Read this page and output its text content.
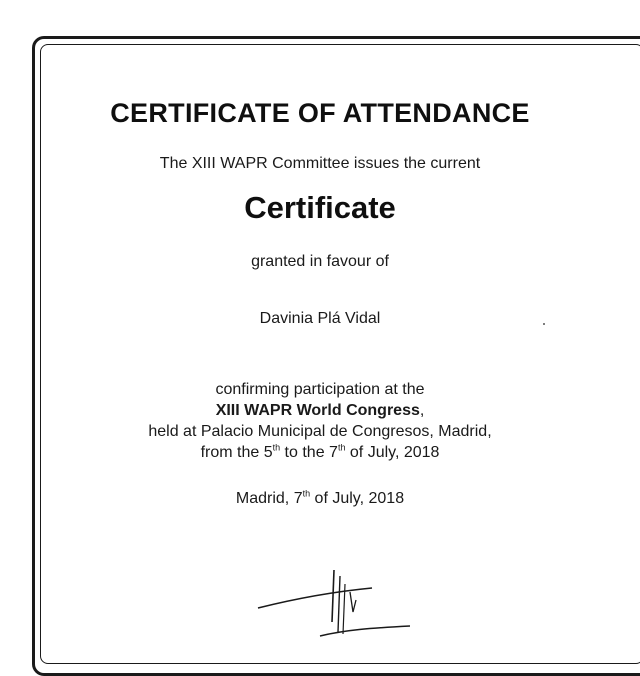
CERTIFICATE OF ATTENDANCE
The XIII WAPR Committee issues the current
Certificate
granted in favour of
Davinia Plá Vidal
confirming participation at the
XIII WAPR World Congress,
held at Palacio Municipal de Congresos, Madrid,
from the 5th to the 7th of July, 2018
Madrid, 7th of July, 2018
